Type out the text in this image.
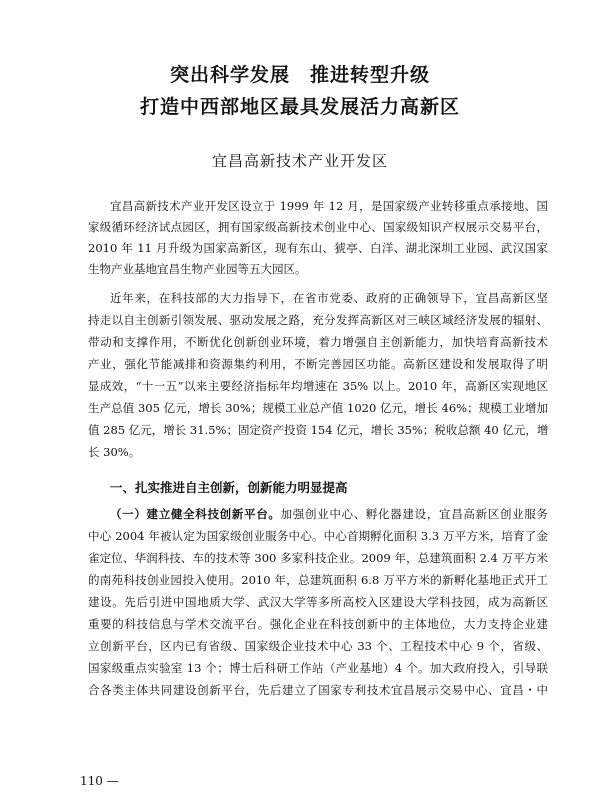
突出科学发展　推进转型升级
打造中西部地区最具发展活力高新区
宜昌高新技术产业开发区
宜昌高新技术产业开发区设立于 1999 年 12 月，是国家级产业转移重点承接地、国
家级循环经济试点园区，拥有国家级高新技术创业中心、国家级知识产权展示交易平台，
2010 年 11 月升级为国家高新区，现有东山、猇亭、白洋、湖北深圳工业园、武汉国家
生物产业基地宜昌生物产业园等五大园区。
近年来，在科技部的大力指导下，在省市党委、政府的正确领导下，宜昌高新区坚
持走以自主创新引领发展、驱动发展之路，充分发挥高新区对三峡区域经济发展的辐射、
带动和支撑作用，不断优化创新创业环境，着力增强自主创新能力，加快培育高新技术
产业，强化节能减排和资源集约利用，不断完善园区功能。高新区建设和发展取得了明
显成效，“十一五”以来主要经济指标年均增速在 35% 以上。2010 年，高新区实现地区
生产总值 305 亿元，增长 30%；规模工业总产值 1020 亿元，增长 46%；规模工业增加
值 285 亿元，增长 31.5%；固定资产投资 154 亿元，增长 35%；税收总额 40 亿元，增
长 30%。
一、扎实推进自主创新，创新能力明显提高
（一）建立健全科技创新平台。加强创业中心、孵化器建设，宜昌高新区创业服务
中心 2004 年被认定为国家级创业服务中心。中心首期孵化面积 3.3 万平方米，培育了金
雀定位、华润科技、车的技术等 300 多家科技企业。2009 年，总建筑面积 2.4 万平方米
的南苑科技创业园投入使用。2010 年，总建筑面积 6.8 万平方米的新孵化基地正式开工
建设。先后引进中国地质大学、武汉大学等多所高校入区建设大学科技园，成为高新区
重要的科技信息与学术交流平台。强化企业在科技创新中的主体地位，大力支持企业建
立创新平台，区内已有省级、国家级企业技术中心 33 个、工程技术中心 9 个，省级、
国家级重点实验室 13 个；博士后科研工作站（产业基地）4 个。加大政府投入，引导联
合各类主体共同建设创新平台，先后建立了国家专利技术宜昌展示交易中心、宜昌・中
110 —
